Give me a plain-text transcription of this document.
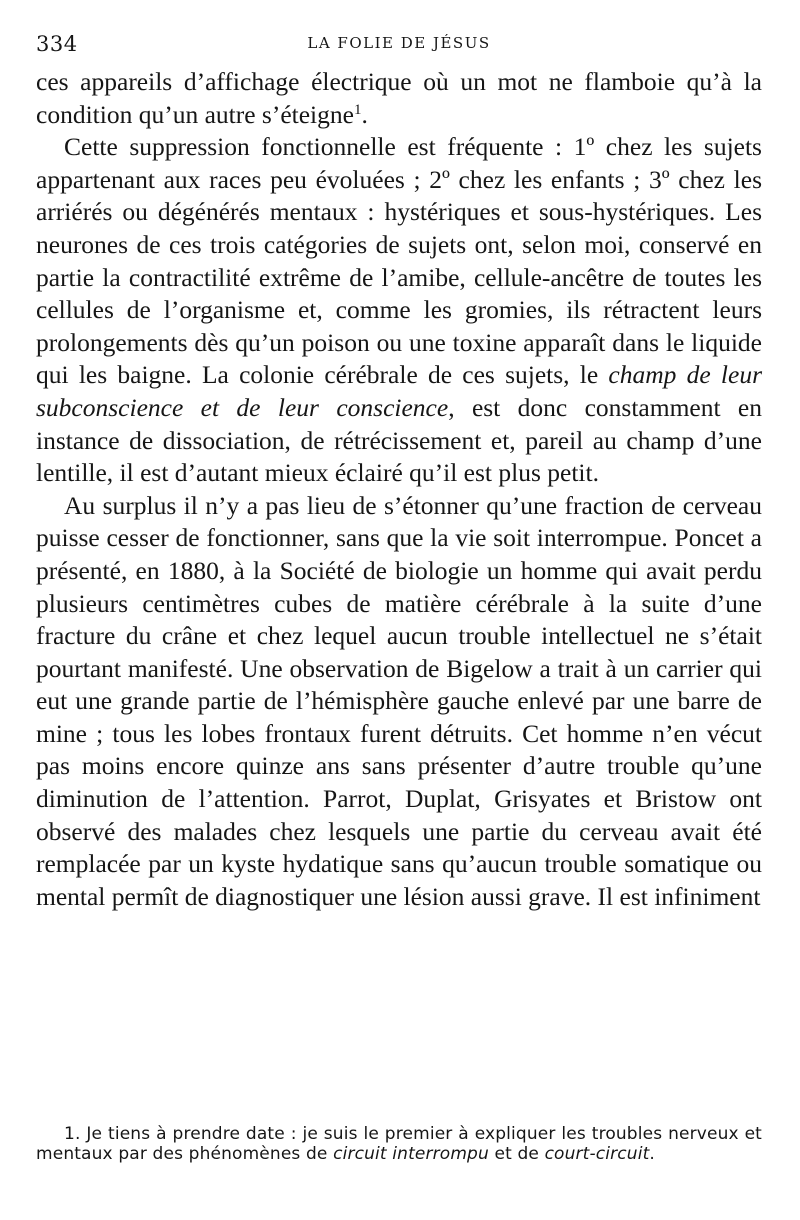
334	LA FOLIE DE JÉSUS

ces appareils d’affichage électrique où un mot ne flamboie qu’à la condition qu’un autre s’éteigne$^1$.

Cette suppression fonctionnelle est fréquente : 1º chez les sujets appartenant aux races peu évoluées ; 2º chez les enfants ; 3º chez les arriérés ou dégénérés mentaux : hystériques et sous-hystériques. Les neurones de ces trois catégories de sujets ont, selon moi, conservé en partie la contractilité extrême de l’amibe, cellule-ancêtre de toutes les cellules de l’organisme et, comme les gromies, ils rétractent leurs prolongements dès qu’un poison ou une toxine apparaît dans le liquide qui les baigne. La colonie cérébrale de ces sujets, le champ de leur subconscience et de leur conscience, est donc constamment en instance de dissociation, de rétrécissement et, pareil au champ d’une lentille, il est d’autant mieux éclairé qu’il est plus petit.

Au surplus il n’y a pas lieu de s’étonner qu’une fraction de cerveau puisse cesser de fonctionner, sans que la vie soit interrompue. Poncet a présenté, en 1880, à la Société de biologie un homme qui avait perdu plusieurs centimètres cubes de matière cérébrale à la suite d’une fracture du crâne et chez lequel aucun trouble intellectuel ne s’était pourtant manifesté. Une observation de Bigelow a trait à un carrier qui eut une grande partie de l’hémisphère gauche enlevé par une barre de mine ; tous les lobes frontaux furent détruits. Cet homme n’en vécut pas moins encore quinze ans sans présenter d’autre trouble qu’une diminution de l’attention. Parrot, Duplat, Grisyates et Bristow ont observé des malades chez lesquels une partie du cerveau avait été remplacée par un kyste hydatique sans qu’aucun trouble somatique ou mental permît de diagnostiquer une lésion aussi grave. Il est infiniment

1. Je tiens à prendre date : je suis le premier à expliquer les troubles nerveux et mentaux par des phénomènes de circuit interrompu et de court-circuit.
